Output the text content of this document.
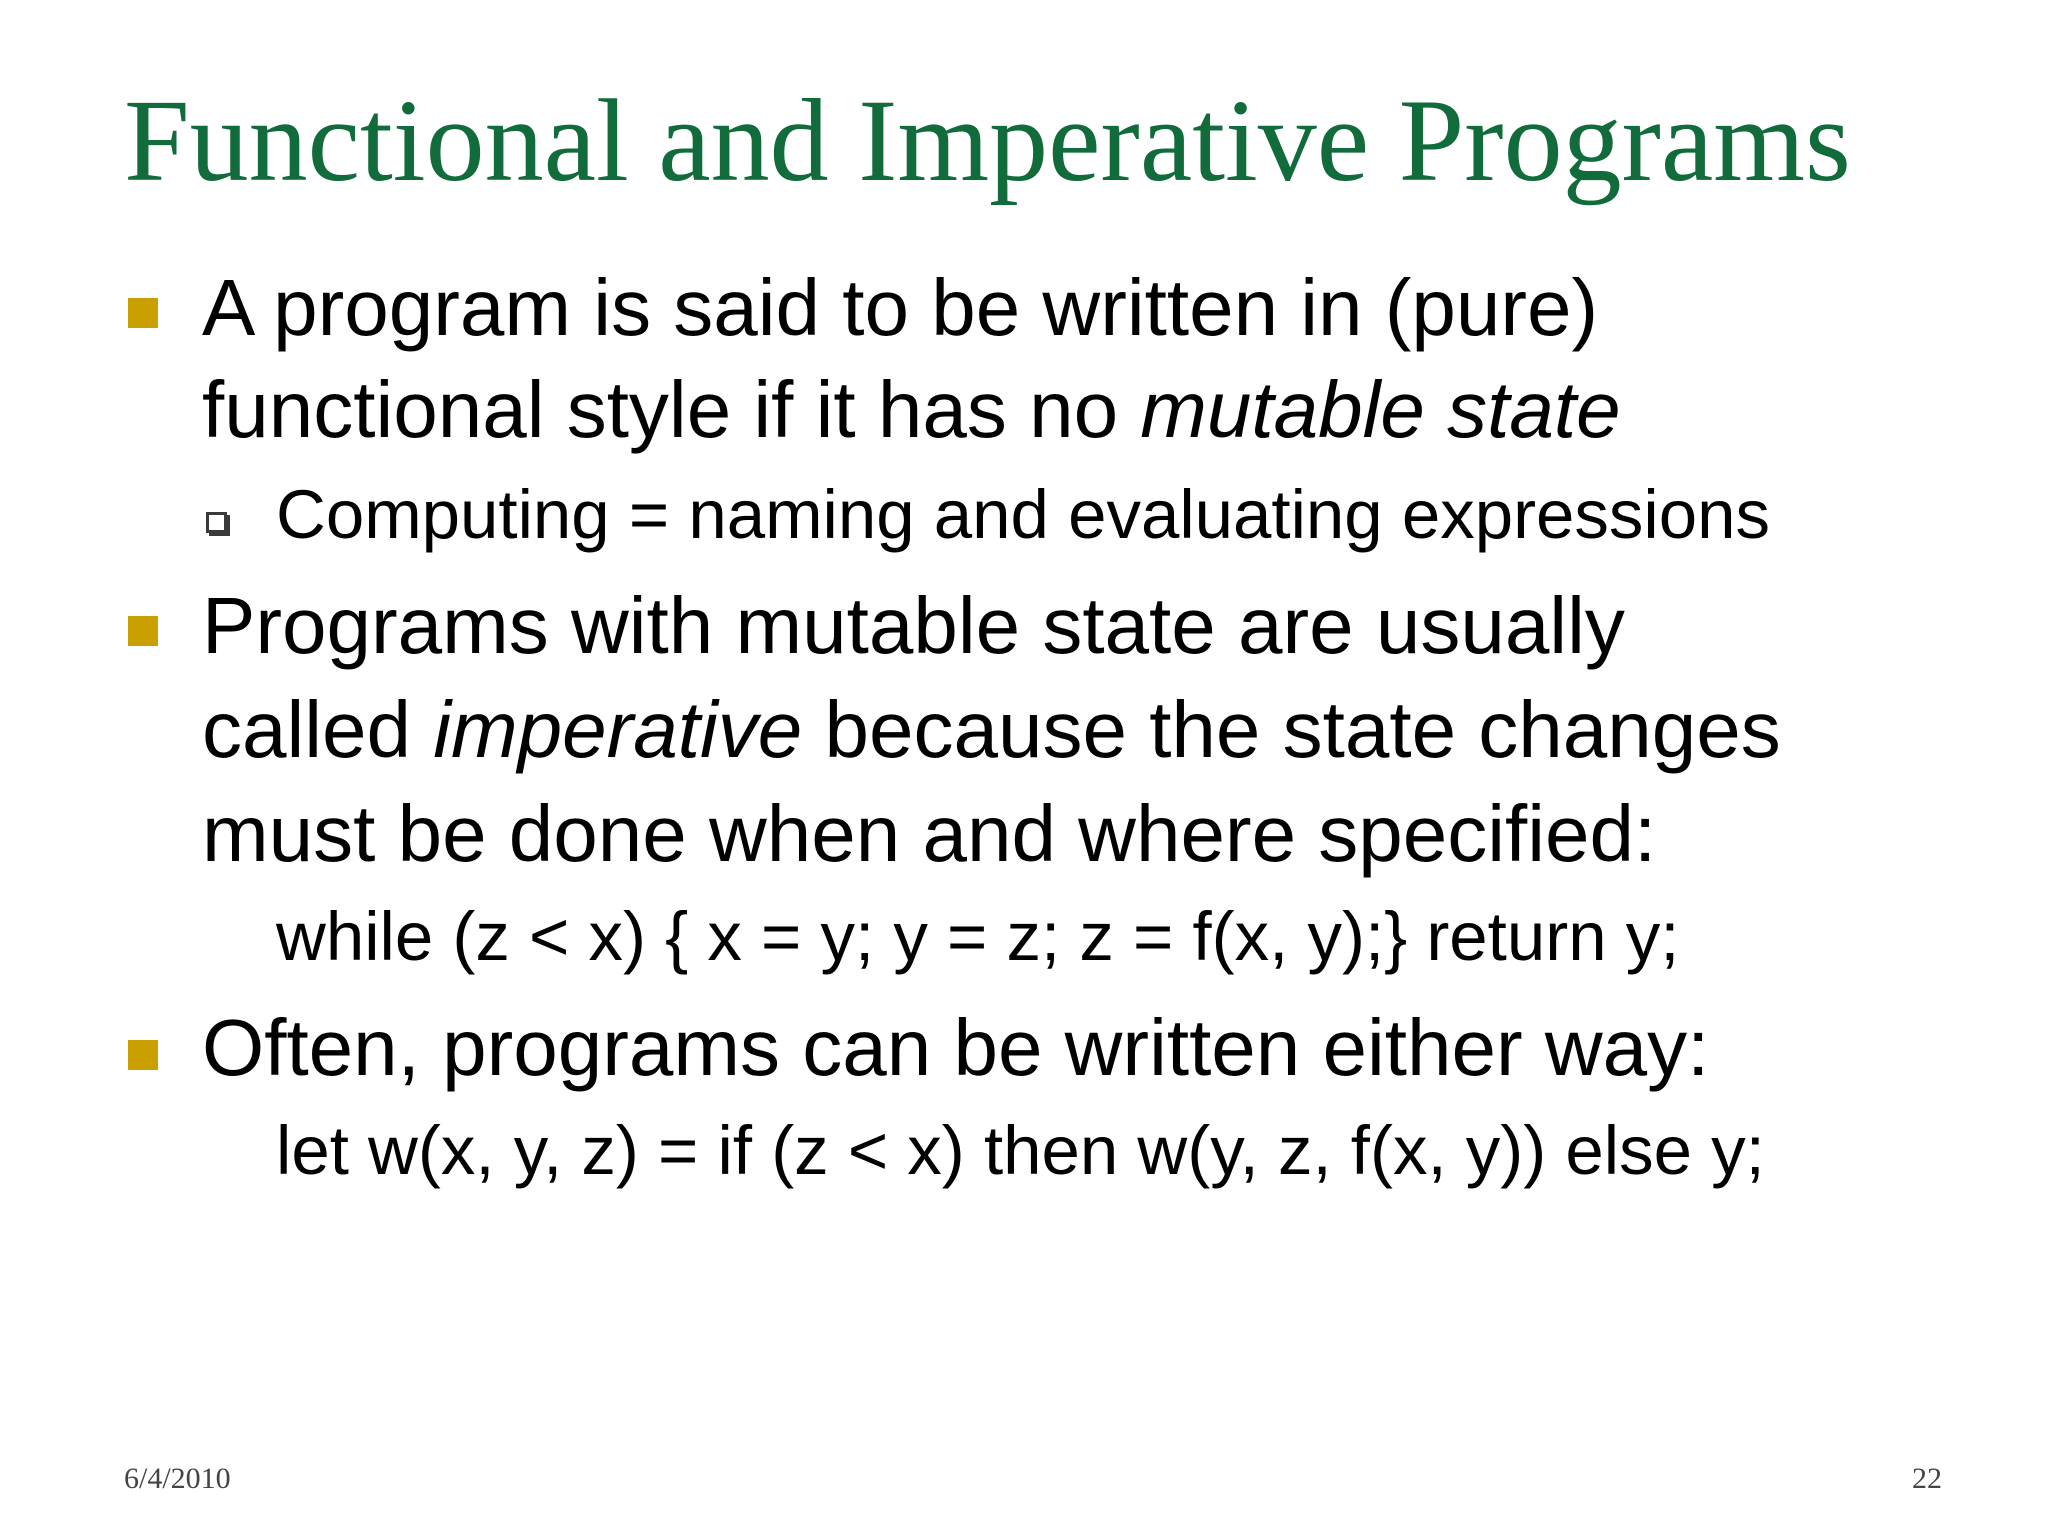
Functional and Imperative Programs
A program is said to be written in (pure)
functional style if it has no mutable state
Computing = naming and evaluating expressions
Programs with mutable state are usually
called imperative because the state changes
must be done when and where specified:
while (z < x) { x = y; y = z; z = f(x, y);} return y;
Often, programs can be written either way:
let w(x, y, z) = if (z < x) then w(y, z, f(x, y)) else y;
6/4/2010	22
